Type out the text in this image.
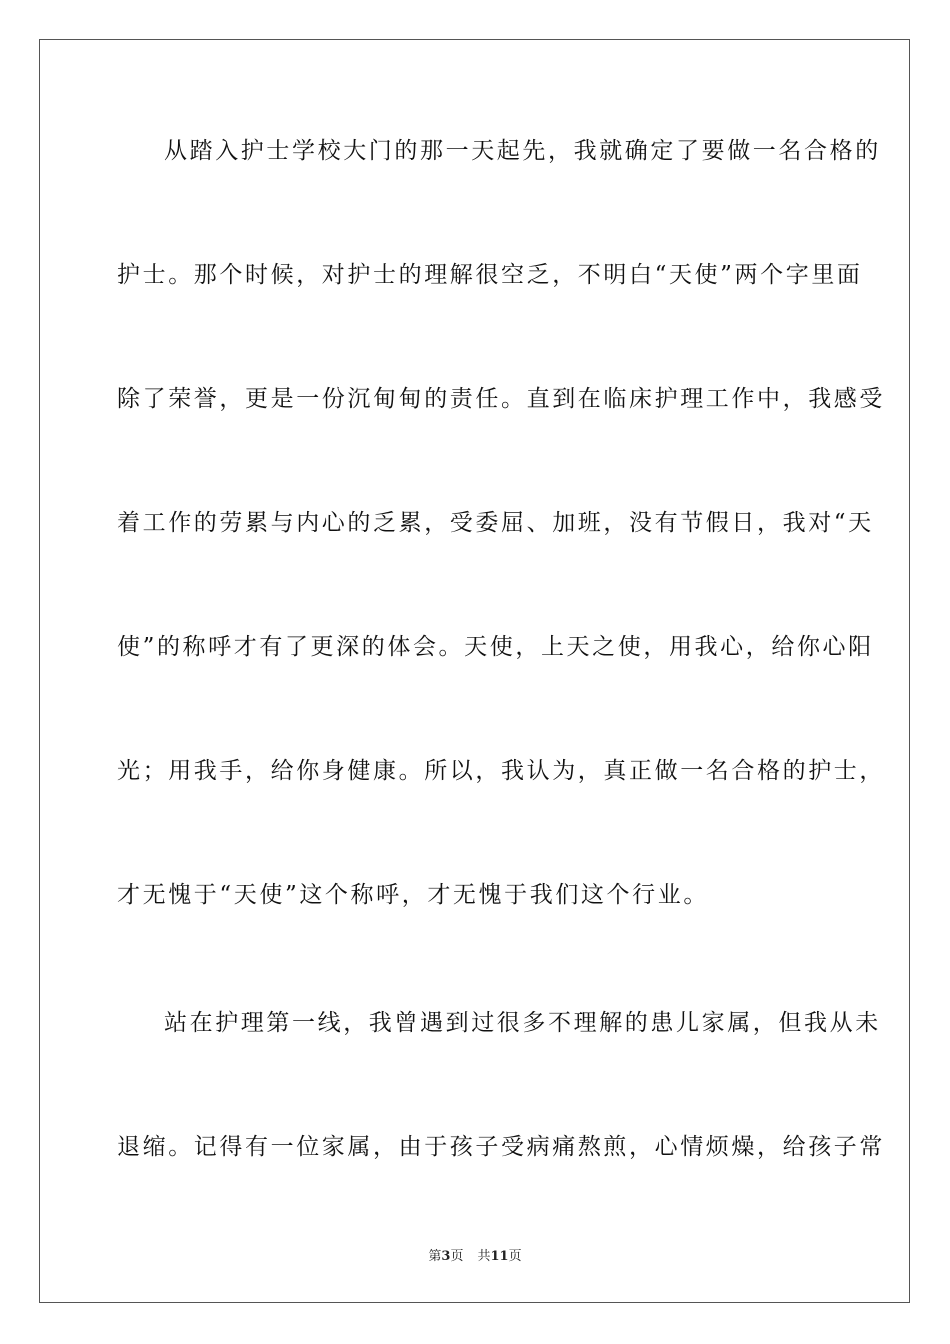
从踏入护士学校大门的那一天起先，我就确定了要做一名合格的
护士。那个时候，对护士的理解很空乏，不明白“天使”两个字里面
除了荣誉，更是一份沉甸甸的责任。直到在临床护理工作中，我感受
着工作的劳累与内心的乏累，受委屈、加班，没有节假日，我对“天
使”的称呼才有了更深的体会。天使，上天之使，用我心，给你心阳
光；用我手，给你身健康。所以，我认为，真正做一名合格的护士，
才无愧于“天使”这个称呼，才无愧于我们这个行业。
站在护理第一线，我曾遇到过很多不理解的患儿家属，但我从未
退缩。记得有一位家属，由于孩子受病痛熬煎，心情烦燥，给孩子常
第3页 共11页
